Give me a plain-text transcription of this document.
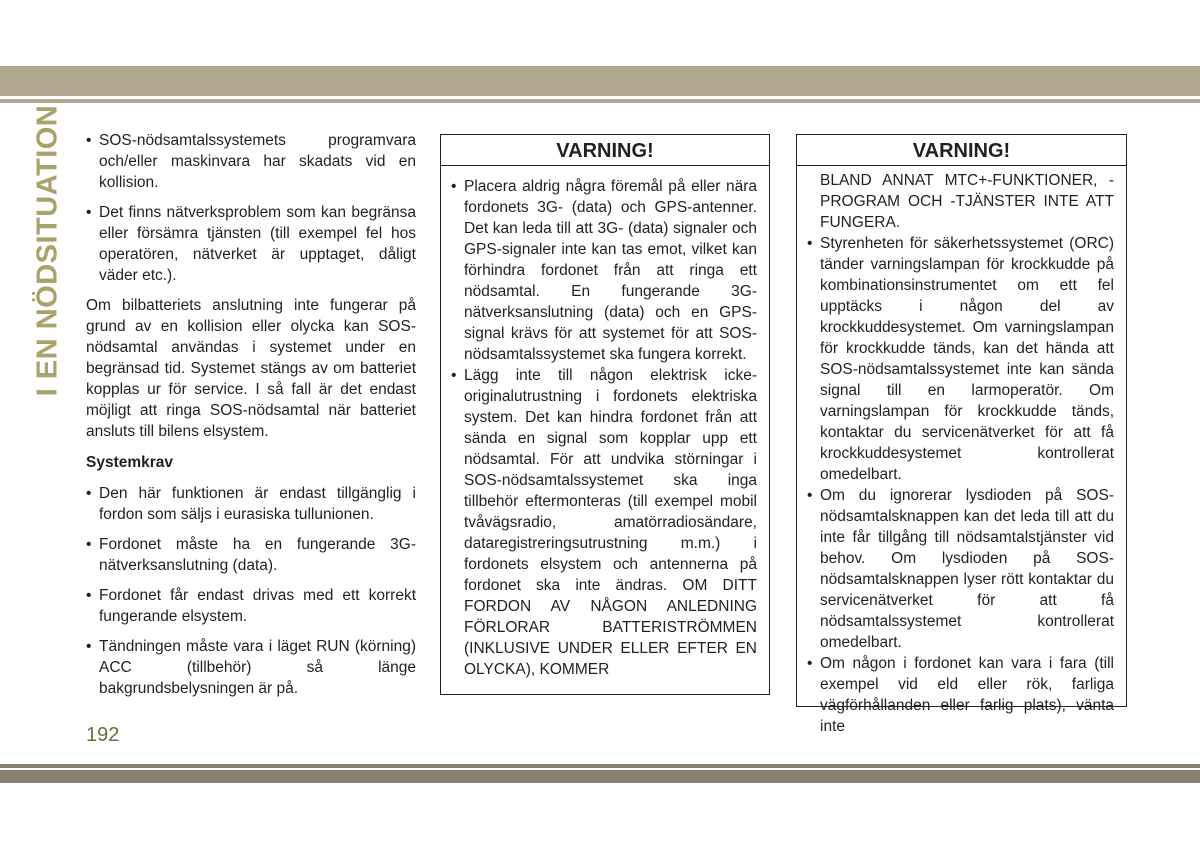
I EN NÖDSITUATION
•	SOS-nödsamtalssystemets programvara och/eller maskinvara har skadats vid en kollision.
• Det finns nätverksproblem som kan begränsa eller försämra tjänsten (till exempel fel hos operatören, nätverket är upptaget, dåligt väder etc.).

Om bilbatteriets anslutning inte fungerar på grund av en kollision eller olycka kan SOS-nödsamtal användas i systemet under en begränsad tid. Systemet stängs av om batteriet kopplas ur för service. I så fall är det endast möjligt att ringa SOS-nödsamtal när batteriet ansluts till bilens elsystem.

Systemkrav
• Den här funktionen är endast tillgänglig i fordon som säljs i eurasiska tullunionen.
• Fordonet måste ha en fungerande 3G-nätverksanslutning (data).
• Fordonet får endast drivas med ett korrekt fungerande elsystem.
• Tändningen måste vara i läget RUN (körning) ACC (tillbehör) så länge bakgrundsbelysningen är på.
VARNING!
• Placera aldrig några föremål på eller nära fordonets 3G- (data) och GPS-antenner. Det kan leda till att 3G- (data) signaler och GPS-signaler inte kan tas emot, vilket kan förhindra fordonet från att ringa ett nödsamtal. En fungerande 3G-nätverksanslutning (data) och en GPS-signal krävs för att systemet för att SOS-nödsamtalssystemet ska fungera korrekt.
• Lägg inte till någon elektrisk icke-originalutrustning i fordonets elektriska system. Det kan hindra fordonet från att sända en signal som kopplar upp ett nödsamtal. För att undvika störningar i SOS-nödsamtalssystemet ska inga tillbehör eftermonteras (till exempel mobil tvåvägsradio, amatörradiosändare, dataregistreringsutrustning m.m.) i fordonets elsystem och antennerna på fordonet ska inte ändras. OM DITT FORDON AV NÅGON ANLEDNING FÖRLORAR BATTERISTRÖMMEN (INKLUSIVE UNDER ELLER EFTER EN OLYCKA), KOMMER
VARNING!

BLAND ANNAT MTC+-FUNKTIONER, -PROGRAM OCH -TJÄNSTER INTE ATT FUNGERA.

• Styrenheten för säkerhetssystemet (ORC) tänder varningslampan för krockkudde på kombinationsinstrumentet om ett fel upptäcks i någon del av krockkuddesystemet. Om varningslampan för krockkudde tänds, kan det hända att SOS-nödsamtalssystemet inte kan sända signal till en larmoperatör. Om varningslampan för krockkudde tänds, kontaktar du servicenätverket för att få krockkuddesystemet kontrollerat omedelbart.
• Om du ignorerar lysdioden på SOS-nödsamtalsknappen kan det leda till att du inte får tillgång till nödsamtalstjänster vid behov. Om lysdioden på SOS-nödsamtalsknappen lyser rött kontaktar du servicenätverket för att få nödsamtalssystemet kontrollerat omedelbart.
• Om någon i fordonet kan vara i fara (till exempel vid eld eller rök, farliga vägförhållanden eller farlig plats), vänta inte
192
